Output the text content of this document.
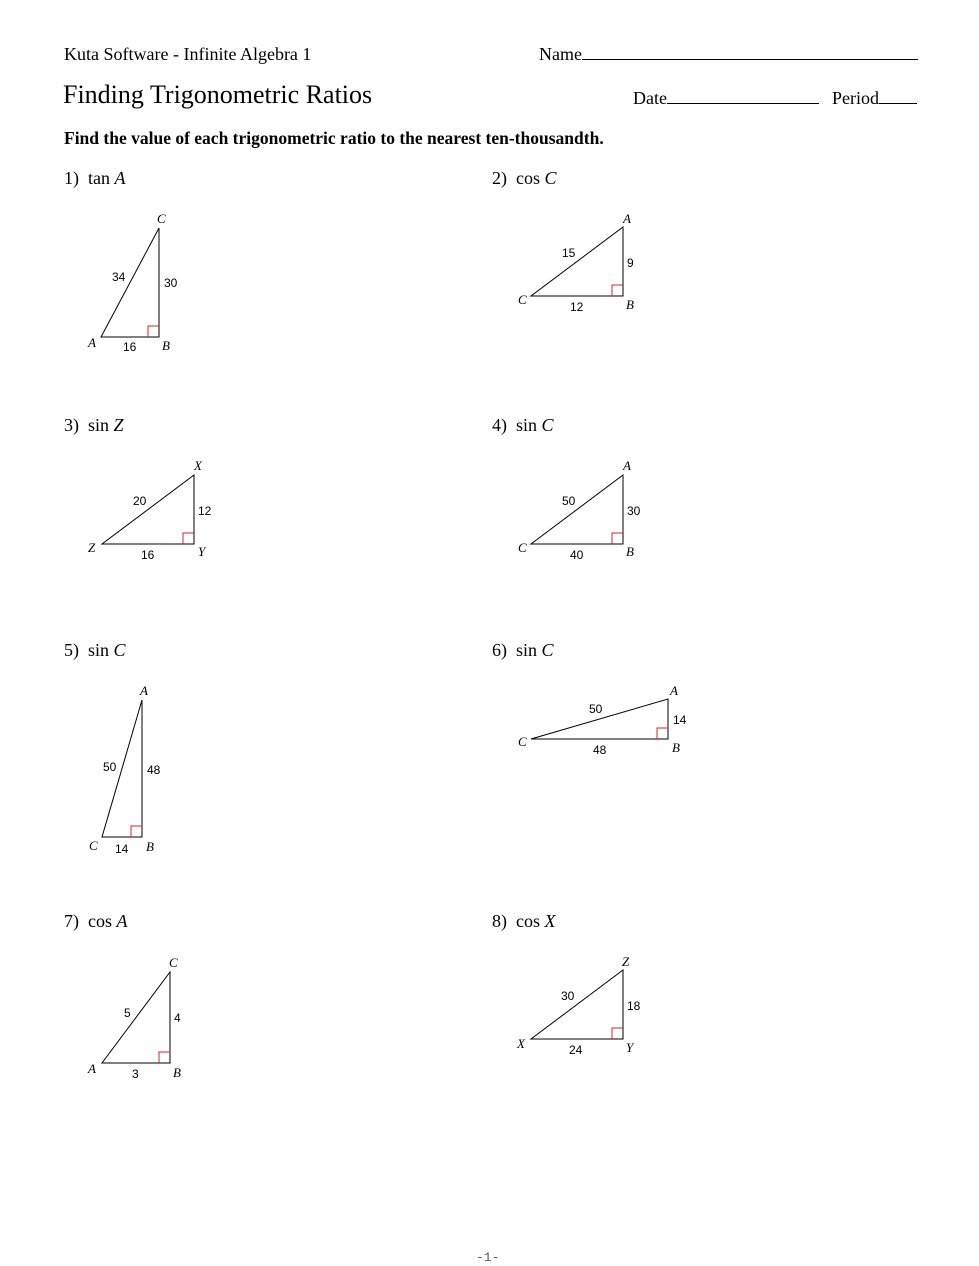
Kuta Software - Infinite Algebra 1	Name
Finding Trigonometric Ratios	Date	Period
Find the value of each trigonometric ratio to the nearest ten-thousandth.
1) tan A
C
A	B
34	30
16
2) cos C
A
C	B
15
9
12
3) sin Z
X
Z	Y
20
12
16
4) sin C
A
C	B
50
30
40
5) sin C
A
C	B
50	48
14
6) sin C
A
C	B
50
14
48
7) cos A
C
A	B
5	4
3
8) cos X
Z
X	Y
30
18
24
-1-
